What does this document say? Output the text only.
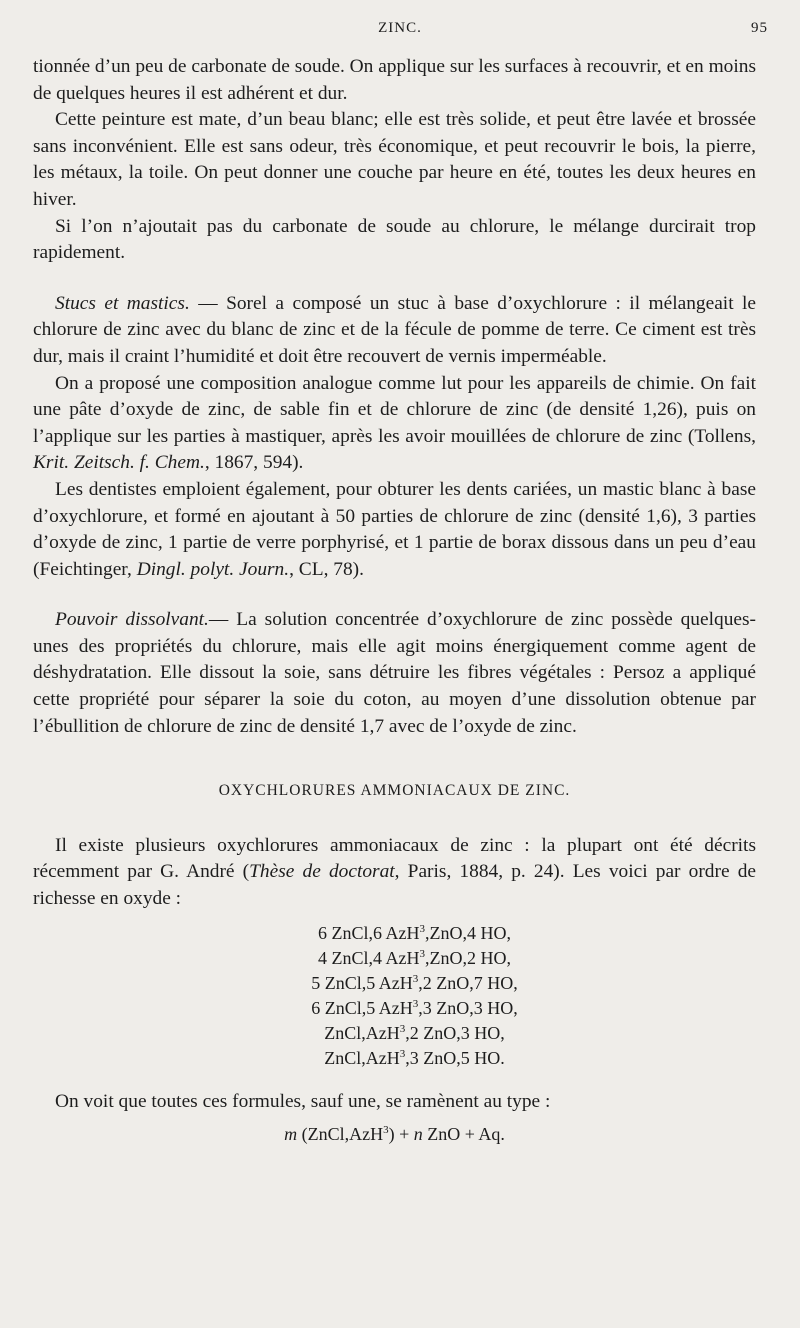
ZINC.	95

tionnée d’un peu de carbonate de soude. On applique sur les surfaces à recouvrir, et en moins de quelques heures il est adhérent et dur.

Cette peinture est mate, d’un beau blanc; elle est très solide, et peut être lavée et brossée sans inconvénient. Elle est sans odeur, très économique, et peut recouvrir le bois, la pierre, les métaux, la toile. On peut donner une couche par heure en été, toutes les deux heures en hiver.

Si l’on n’ajoutait pas du carbonate de soude au chlorure, le mélange durcirait trop rapidement.

Stucs et mastics. — Sorel a composé un stuc à base d’oxychlorure : il mélangeait le chlorure de zinc avec du blanc de zinc et de la fécule de pomme de terre. Ce ciment est très dur, mais il craint l’humidité et doit être recouvert de vernis imperméable.

On a proposé une composition analogue comme lut pour les appareils de chimie. On fait une pâte d’oxyde de zinc, de sable fin et de chlorure de zinc (de densité 1,26), puis on l’applique sur les parties à mastiquer, après les avoir mouillées de chlorure de zinc (Tollens, Krit. Zeitsch. f. Chem., 1867, 594).

Les dentistes emploient également, pour obturer les dents cariées, un mastic blanc à base d’oxychlorure, et formé en ajoutant à 50 parties de chlorure de zinc (densité 1,6), 3 parties d’oxyde de zinc, 1 partie de verre porphyrisé, et 1 partie de borax dissous dans un peu d’eau (Feichtinger, Dingl. polyt. Journ., CL, 78).

Pouvoir dissolvant.— La solution concentrée d’oxychlorure de zinc possède quelques-unes des propriétés du chlorure, mais elle agit moins énergiquement comme agent de déshydratation. Elle dissout la soie, sans détruire les fibres végétales : Persoz a appliqué cette propriété pour séparer la soie du coton, au moyen d’une dissolution obtenue par l’ébullition de chlorure de zinc de densité 1,7 avec de l’oxyde de zinc.

OXYCHLORURES AMMONIACAUX DE ZINC.

Il existe plusieurs oxychlorures ammoniacaux de zinc : la plupart ont été décrits récemment par G. André (Thèse de doctorat, Paris, 1884, p. 24). Les voici par ordre de richesse en oxyde :

6 ZnCl,6 AzH$^3$,ZnO,4 HO,
4 ZnCl,4 AzH$^3$,ZnO,2 HO,
5 ZnCl,5 AzH$^3$,2 ZnO,7 HO,
6 ZnCl,5 AzH$^3$,3 ZnO,3 HO,
ZnCl,AzH$^3$,2 ZnO,3 HO,
ZnCl,AzH$^3$,3 ZnO,5 HO.

On voit que toutes ces formules, sauf une, se ramènent au type :

m (ZnCl,AzH$^3$) + n ZnO + Aq.
